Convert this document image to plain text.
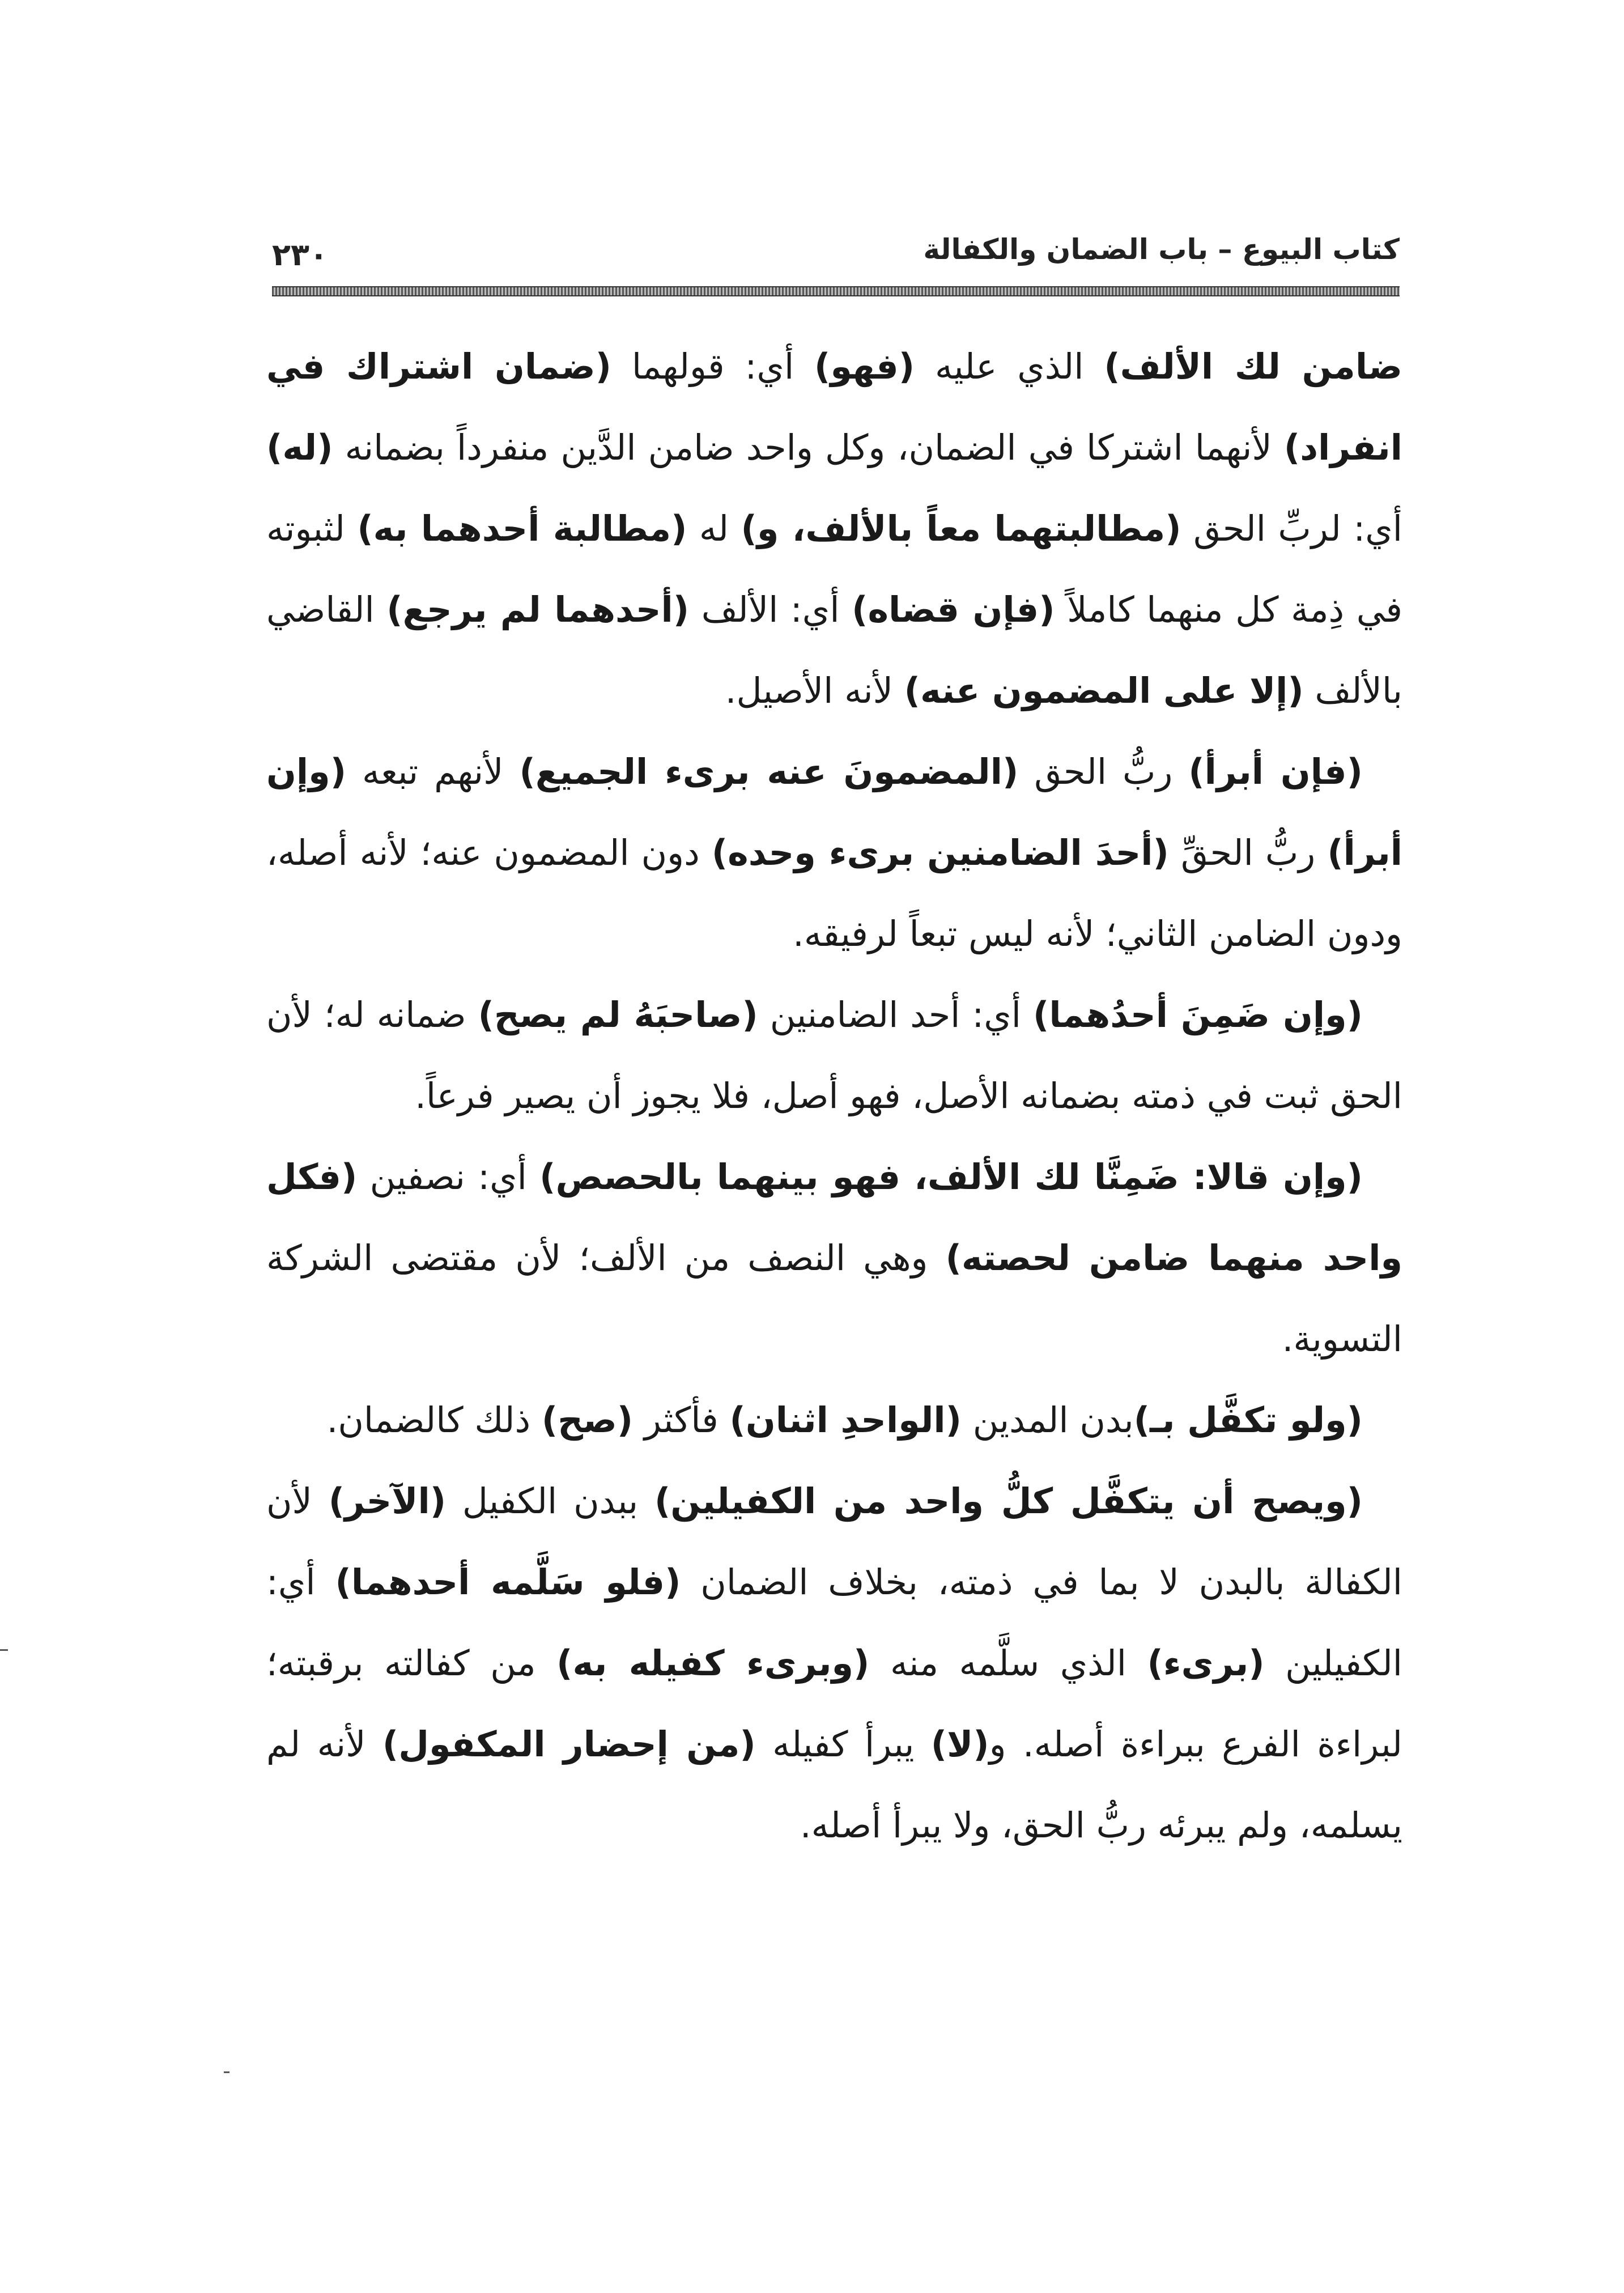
كتاب البيوع – باب الضمان والكفالة
٢٣٠

ضامن لك الألف) الذي عليه (فهو) أي: قولهما (ضمان اشتراك في انفراد) لأنهما اشتركا في الضمان، وكل واحد ضامن الدَّين منفرداً بضمانه (له) أي: لربِّ الحق (مطالبتهما معاً بالألف، و) له (مطالبة أحدهما به) لثبوته في ذِمة كل منهما كاملاً (فإن قضاه) أي: الألف (أحدهما لم يرجع) القاضي بالألف (إلا على المضمون عنه) لأنه الأصيل.

(فإن أبرأ) ربُّ الحق (المضمونَ عنه برىء الجميع) لأنهم تبعه (وإن أبرأ) ربُّ الحقِّ (أحدَ الضامنين برىء وحده) دون المضمون عنه؛ لأنه أصله، ودون الضامن الثاني؛ لأنه ليس تبعاً لرفيقه.

(وإن ضَمِنَ أحدُهما) أي: أحد الضامنين (صاحبَهُ لم يصح) ضمانه له؛ لأن الحق ثبت في ذمته بضمانه الأصل، فهو أصل، فلا يجوز أن يصير فرعاً.

(وإن قالا: ضَمِنَّا لك الألف، فهو بينهما بالحصص) أي: نصفين (فكل واحد منهما ضامن لحصته) وهي النصف من الألف؛ لأن مقتضى الشركة التسوية.

(ولو تكفَّل بـ)بدن المدين (الواحدِ اثنان) فأكثر (صح) ذلك كالضمان.

(ويصح أن يتكفَّل كلُّ واحد من الكفيلين) ببدن الكفيل (الآخر) لأن الكفالة بالبدن لا بما في ذمته، بخلاف الضمان (فلو سَلَّمه أحدهما) أي: الكفيلين (برىء) الذي سلَّمه منه (وبرىء كفيله به) من كفالته برقبته؛ لبراءة الفرع ببراءة أصله. و(لا) يبرأ كفيله (من إحضار المكفول) لأنه لم يسلمه، ولم يبرئه ربُّ الحق، ولا يبرأ أصله.
